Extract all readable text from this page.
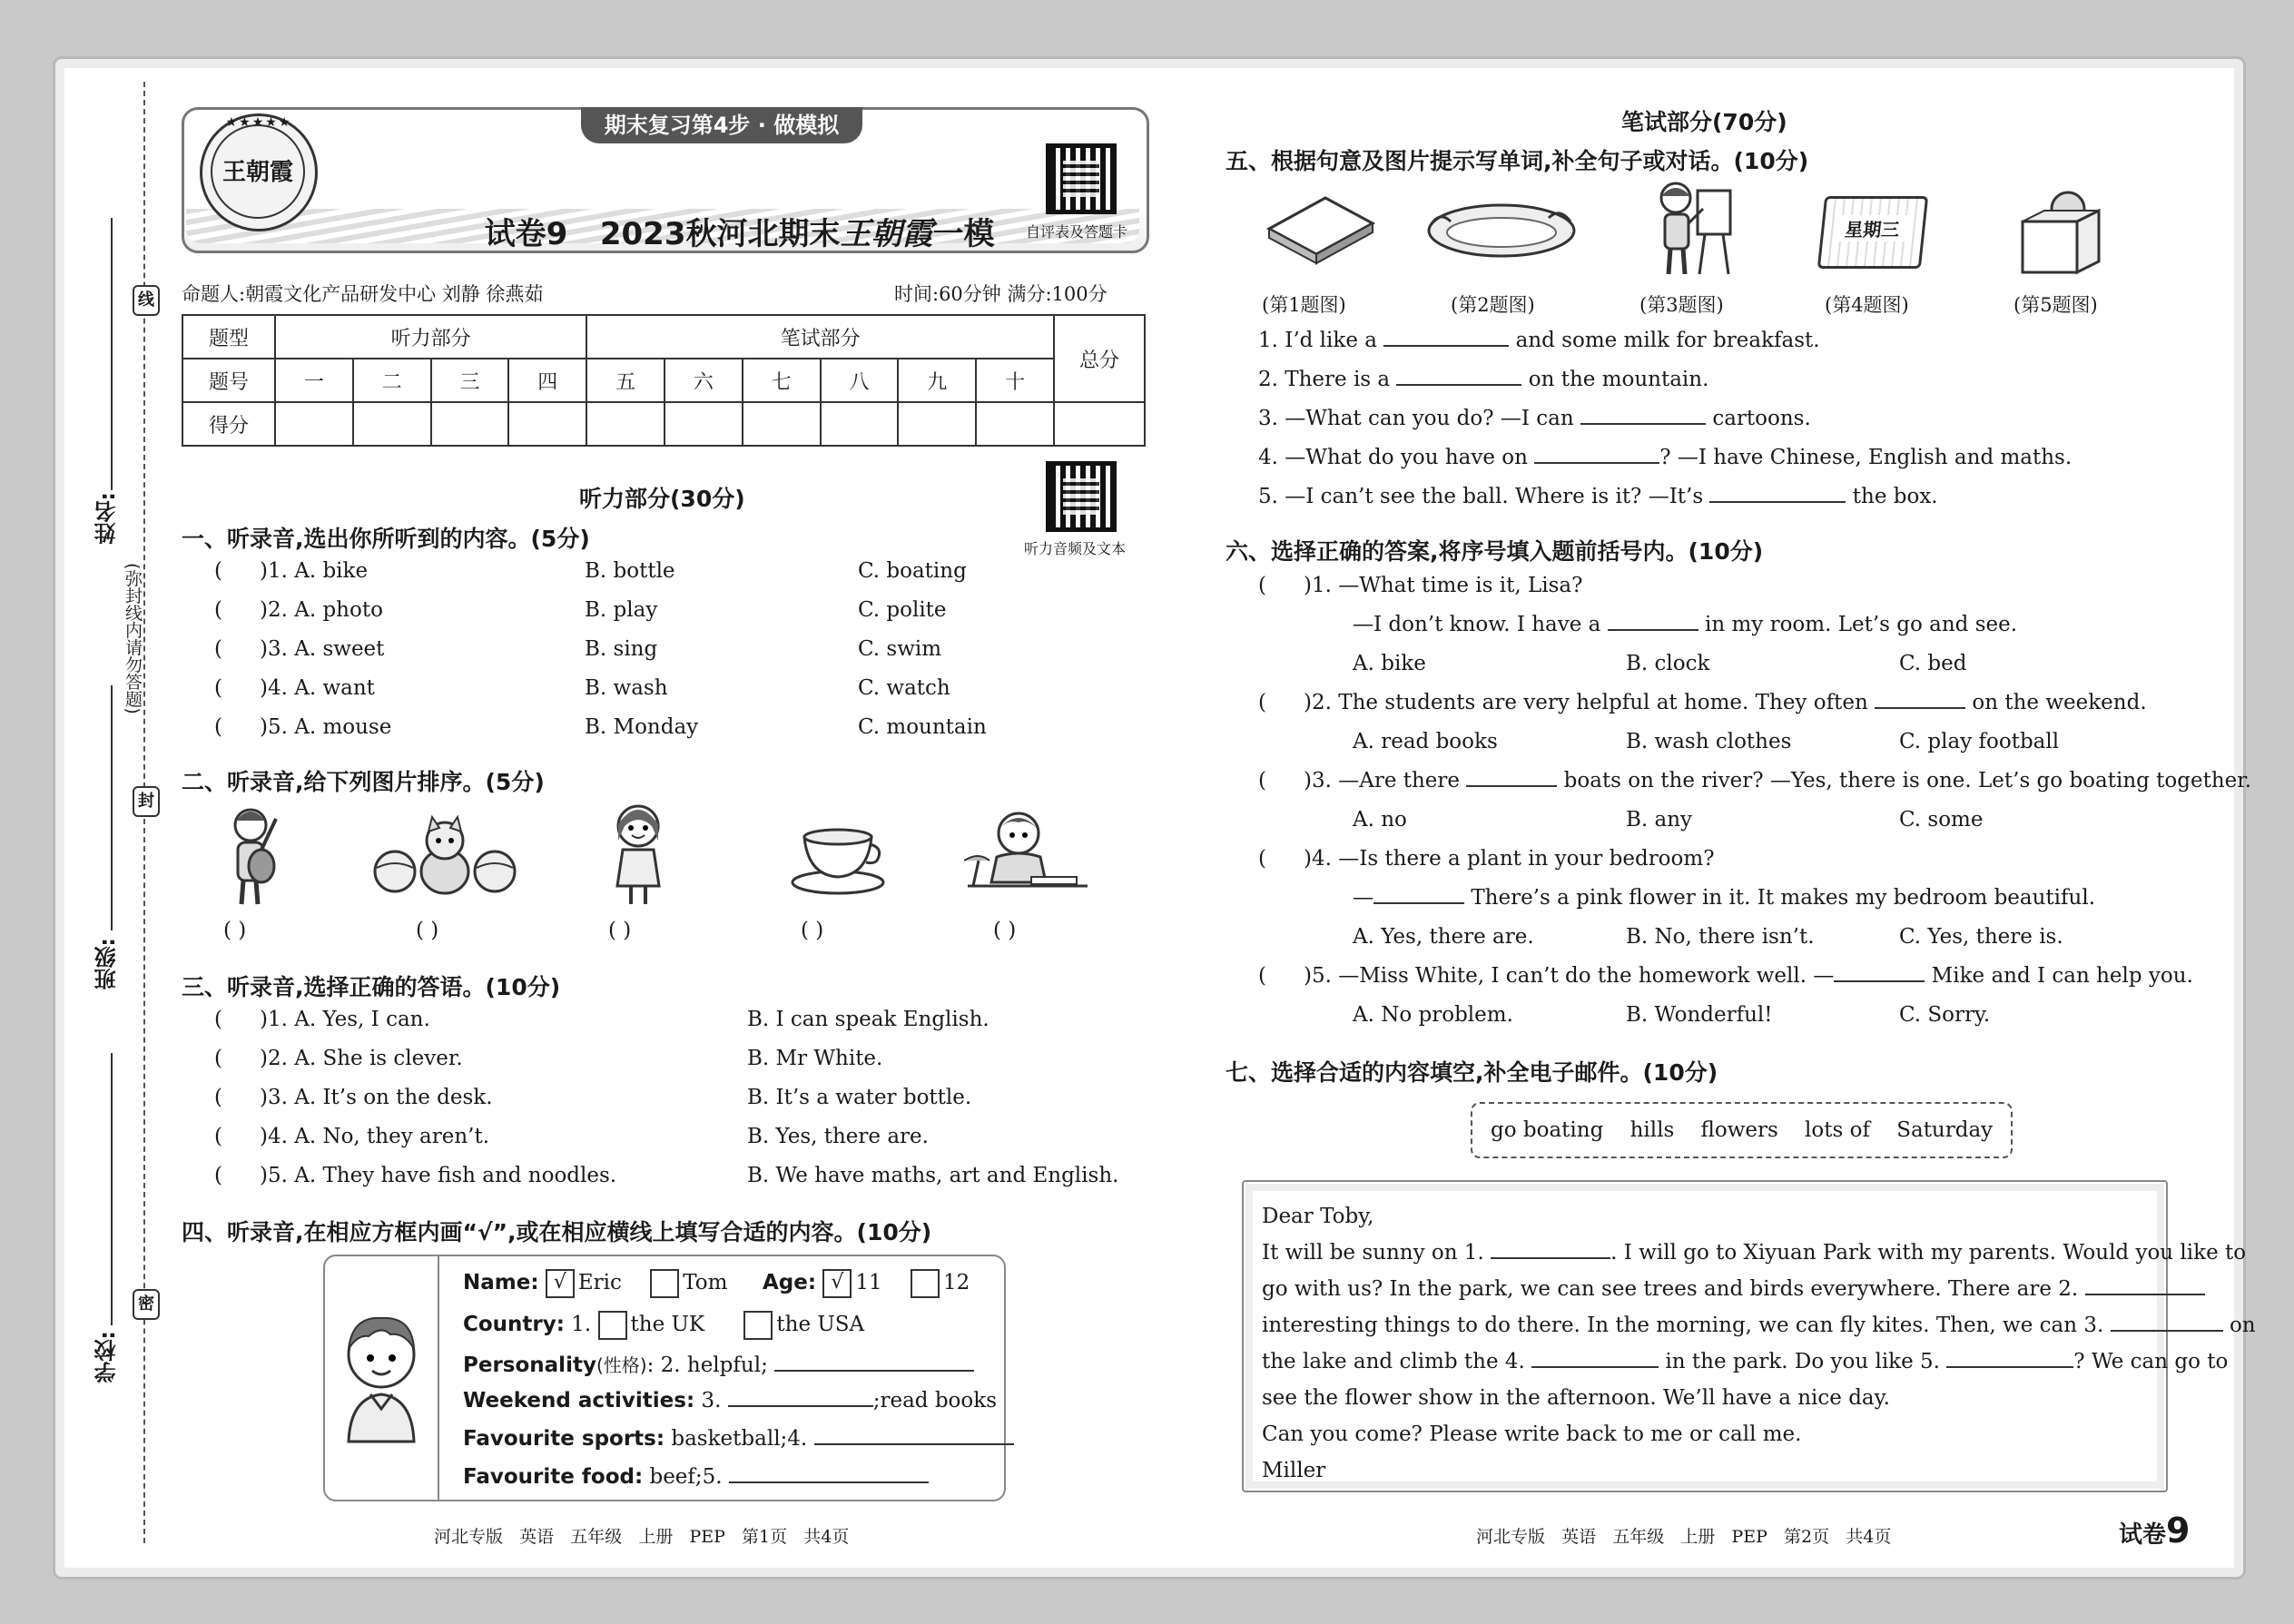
线
封
密
(弥封线内请勿答题)
姓名:
班级:
学校:
王朝霞
★★★★★	期末复习第4步 · 做模拟

试卷9   2023秋河北期末王朝霞一模 自评表及答题卡
命题人:朝霞文化产品研发中心 刘静 徐燕茹	时间:60分钟 满分:100分
题型	听力部分				笔试部分						总分
题号	一	二	三	四	五	六	七	八	九	十	
得分											
听力部分(30分)
听力音频及文本
一、听录音,选出你所听到的内容。(5分)
( )1. A. bike	B. bottle	C. boating
( )2. A. photo	B. play	C. polite
( )3. A. sweet	B. sing	C. swim
( )4. A. want	B. wash	C. watch
( )5. A. mouse	B. Monday	C. mountain
二、听录音,给下列图片排序。(5分)
( )	( )	( )	( )	( )
三、听录音,选择正确的答语。(10分)
( )1. A. Yes, I can.	B. I can speak English.
( )2. A. She is clever.	B. Mr White.
( )3. A. It’s on the desk.	B. It’s a water bottle.
( )4. A. No, they aren’t.	B. Yes, there are.
( )5. A. They have fish and noodles.	B. We have maths, art and English.
四、听录音,在相应方框内画“√”,或在相应横线上填写合适的内容。(10分)
Name: √ Eric	Tom Age: √ 11	12
Country: 1. the UK	the USA
Personality(性格): 2. helpful;
Weekend activities: 3.	;read books
Favourite sports: basketball;4.
Favourite food: beef;5.
笔试部分(70分)
五、根据句意及图片提示写单词,补全句子或对话。(10分)
星期三
(第1题图)	(第2题图)	(第3题图)	(第4题图)	(第5题图)
1. I’d like a	and some milk for breakfast.
2. There is a	on the mountain.
3. —What can you do? —I can	cartoons.
4. —What do you have on	? —I have Chinese, English and maths.
5. —I can’t see the ball. Where is it? —It’s	the box.
六、选择正确的答案,将序号填入题前括号内。(10分)
( )1. —What time is it, Lisa?
—I don’t know. I have a	in my room. Let’s go and see.
A. bike	B. clock	C. bed
( )2. The students are very helpful at home. They often	on the weekend.
A. read books	B. wash clothes	C. play football
( )3. —Are there	boats on the river? —Yes, there is one. Let’s go boating together.
A. no	B. any	C. some
( )4. —Is there a plant in your bedroom?
—	There’s a pink flower in it. It makes my bedroom beautiful.
A. Yes, there are.	B. No, there isn’t.	C. Yes, there is.
( )5. —Miss White, I can’t do the homework well. —	Mike and I can help you.
A. No problem.	B. Wonderful!	C. Sorry.
七、选择合适的内容填空,补全电子邮件。(10分)
go boating hills flowers lots of Saturday
Dear Toby,
It will be sunny on 1.	. I will go to Xiyuan Park with my parents. Would you like to
go with us? In the park, we can see trees and birds everywhere. There are 2.
interesting things to do there. In the morning, we can fly kites. Then, we can 3.	on
the lake and climb the 4.	in the park. Do you like 5.	? We can go to
see the flower show in the afternoon. We’ll have a nice day.
Can you come? Please write back to me or call me.
Miller
河北专版   英语   五年级   上册   PEP   第1页   共4页	河北专版   英语   五年级   上册   PEP   第2页   共4页	试卷9
